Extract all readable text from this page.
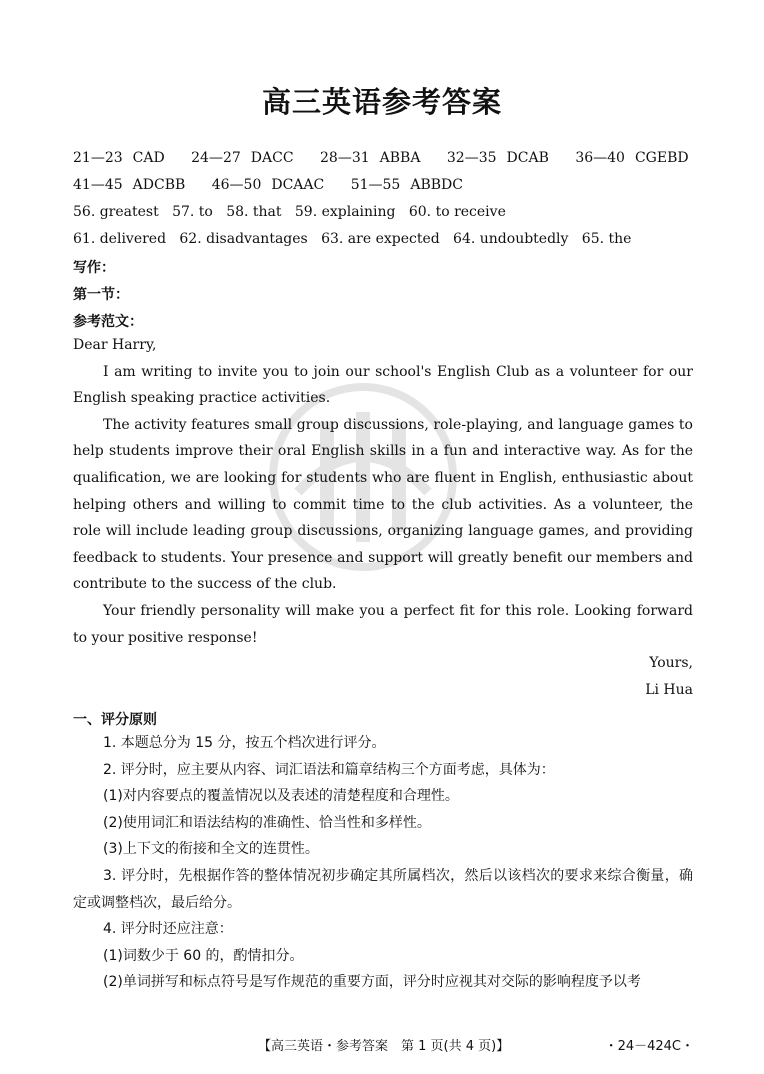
高三英语参考答案
21—23 CAD 24—27 DACC 28—31 ABBA 32—35 DCAB 36—40 CGEBD
41—45 ADCBB 46—50 DCAAC 51—55 ABBDC
56. greatest   57. to   58. that   59. explaining   60. to receive
61. delivered   62. disadvantages   63. are expected   64. undoubtedly   65. the
写作：
第一节：
参考范文：

Dear Harry,

I am writing to invite you to join our school's English Club as a volunteer for our English speaking practice activities.

The activity features small group discussions, role-playing, and language games to help students improve their oral English skills in a fun and interactive way. As for the qualification, we are looking for students who are fluent in English, enthusiastic about helping others and willing to commit time to the club activities. As a volunteer, the role will include leading group discussions, organizing language games, and providing feedback to students. Your presence and support will greatly benefit our members and contribute to the success of the club.

Your friendly personality will make you a perfect fit for this role. Looking forward to your positive response!

Yours,
Li Hua
一、评分原则

1. 本题总分为 15 分，按五个档次进行评分。

2. 评分时，应主要从内容、词汇语法和篇章结构三个方面考虑，具体为：

(1)对内容要点的覆盖情况以及表述的清楚程度和合理性。

(2)使用词汇和语法结构的准确性、恰当性和多样性。

(3)上下文的衔接和全文的连贯性。

3. 评分时，先根据作答的整体情况初步确定其所属档次，然后以该档次的要求来综合衡量，确定或调整档次，最后给分。

4. 评分时还应注意：

(1)词数少于 60 的，酌情扣分。

(2)单词拼写和标点符号是写作规范的重要方面，评分时应视其对交际的影响程度予以考

【高三英语・参考答案　第 1 页(共 4 页)】	・24－424C・
